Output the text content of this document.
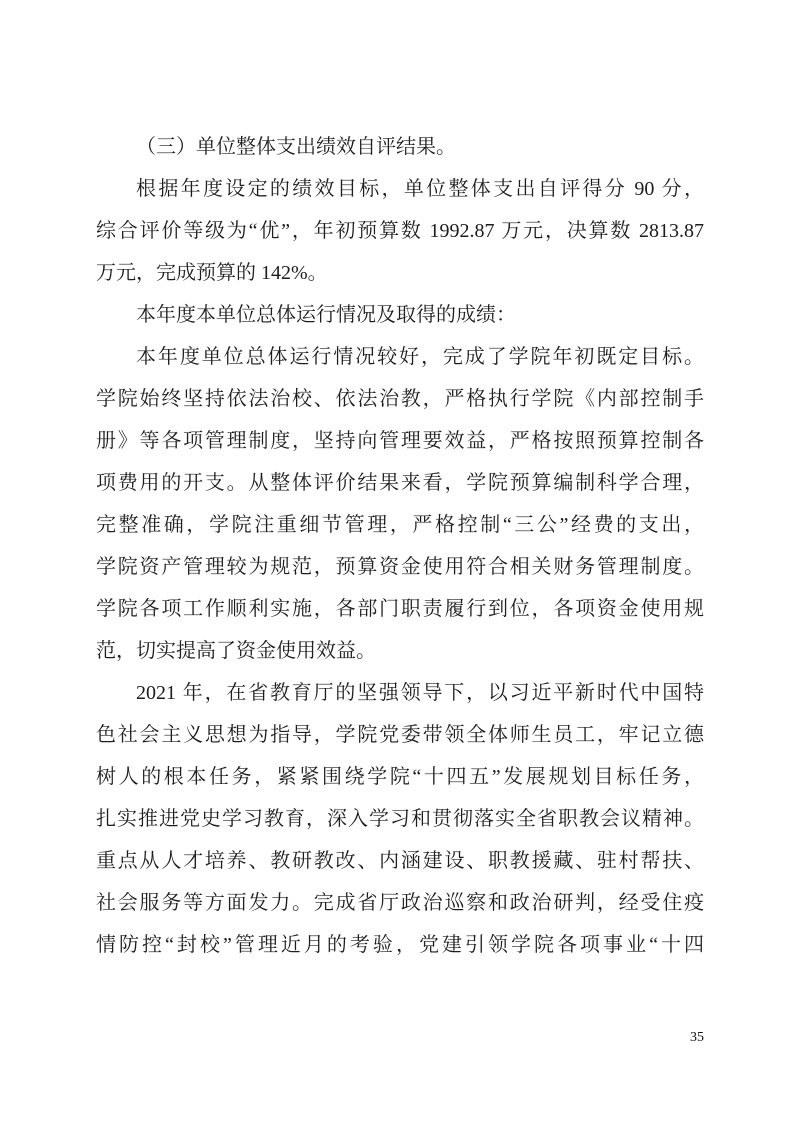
（三）单位整体支出绩效自评结果。
根据年度设定的绩效目标，单位整体支出自评得分 90 分，
综合评价等级为“优”，年初预算数 1992.87 万元，决算数 2813.87
万元，完成预算的 142%。
本年度本单位总体运行情况及取得的成绩：
本年度单位总体运行情况较好，完成了学院年初既定目标。
学院始终坚持依法治校、依法治教，严格执行学院《内部控制手
册》等各项管理制度，坚持向管理要效益，严格按照预算控制各
项费用的开支。从整体评价结果来看，学院预算编制科学合理，
完整准确，学院注重细节管理，严格控制“三公”经费的支出，
学院资产管理较为规范，预算资金使用符合相关财务管理制度。
学院各项工作顺利实施，各部门职责履行到位，各项资金使用规
范，切实提高了资金使用效益。
2021 年，在省教育厅的坚强领导下，以习近平新时代中国特
色社会主义思想为指导，学院党委带领全体师生员工，牢记立德
树人的根本任务，紧紧围绕学院“十四五”发展规划目标任务，
扎实推进党史学习教育，深入学习和贯彻落实全省职教会议精神。
重点从人才培养、教研教改、内涵建设、职教援藏、驻村帮扶、
社会服务等方面发力。完成省厅政治巡察和政治研判，经受住疫
情防控“封校”管理近月的考验，党建引领学院各项事业“十四
35
